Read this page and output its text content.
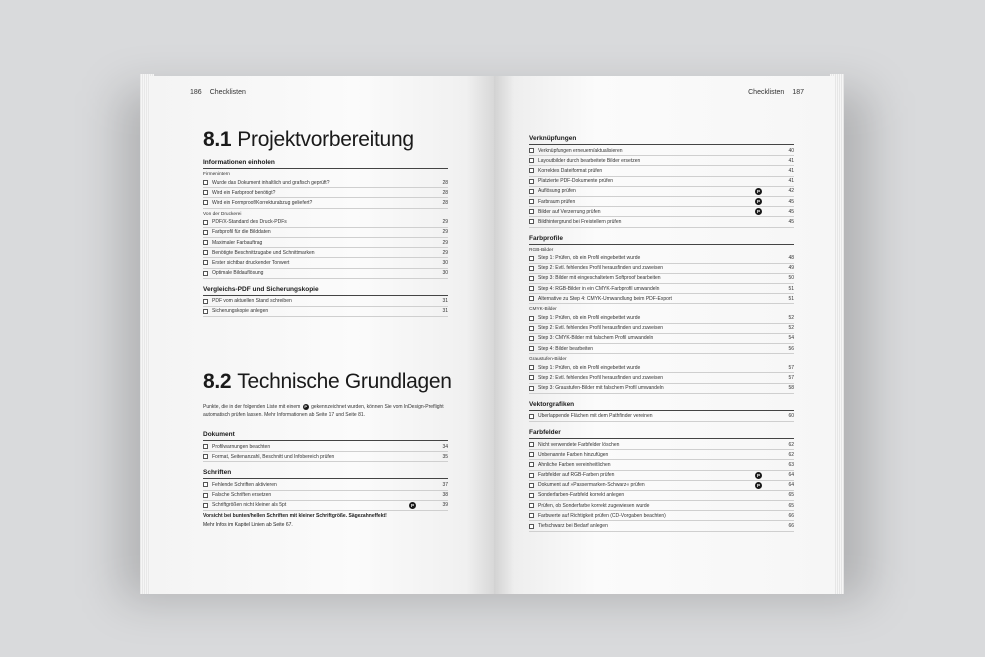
186 Checklisten
8.1 Projektvorbereitung
Informationen einholen
Firmenintern
Wurde das Dokument inhaltlich und grafisch geprüft?	28
Wird ein Farbproof benötigt?	28
Wird ein Formproof/Korrekturabzug geliefert?	28
Von der Druckerei
PDF/X-Standard des Druck-PDFs	29
Farbprofil für die Bilddaten	29
Maximaler Farbauftrag	29
Benötigte Beschnittzugabe und Schnittmarken	29
Erster sichtbar druckender Tonwert	30
Optimale Bildauflösung	30
Vergleichs-PDF und Sicherungskopie
PDF vom aktuellen Stand schreiben	31
Sicherungskopie anlegen	31
8.2 Technische Grundlagen
Punkte, die in der folgenden Liste mit einem P gekennzeichnet wurden, können Sie vom InDesign-Preflight automatisch prüfen lassen. Mehr Informationen ab Seite 17 und Seite 81.
Dokument
Profilwarnungen beachten	34
Format, Seitenanzahl, Beschnitt und Infobereich prüfen	35
Schriften
Fehlende Schriften aktivieren	37
Falsche Schriften ersetzen	38
Schriftgrößen nicht kleiner als 5pt	P	39
Vorsicht bei bunten/hellen Schriften mit kleiner Schriftgröße. Sägezahneffekt!
Mehr Infos im Kapitel Linien ab Seite 67.
Checklisten 187
Verknüpfungen
Verknüpfungen erneuern/aktualisieren	40
Layoutbilder durch bearbeitete Bilder ersetzen	41
Korrektes Dateiformat prüfen	41
Platzierte PDF-Dokumente prüfen	41
Auflösung prüfen	P	42
Farbraum prüfen	P	45
Bilder auf Verzerrung prüfen	P	45
Bildhintergrund bei Freistellern prüfen	45
Farbprofile
RGB-Bilder
Step 1: Prüfen, ob ein Profil eingebettet wurde	48
Step 2: Evtl. fehlendes Profil herausfinden und zuweisen	49
Step 3: Bilder mit eingeschaltetem Softproof bearbeiten	50
Step 4: RGB-Bilder in ein CMYK-Farbprofil umwandeln	51
Alternative zu Step 4: CMYK-Umwandlung beim PDF-Export	51
CMYK-Bilder
Step 1: Prüfen, ob ein Profil eingebettet wurde	52
Step 2: Evtl. fehlendes Profil herausfinden und zuweisen	52
Step 3: CMYK-Bilder mit falschem Profil umwandeln	54
Step 4: Bilder bearbeiten	56
Graustufen-Bilder
Step 1: Prüfen, ob ein Profil eingebettet wurde	57
Step 2: Evtl. fehlendes Profil herausfinden und zuweisen	57
Step 3: Graustufen-Bilder mit falschem Profil umwandeln	58
Vektorgrafiken
Überlappende Flächen mit dem Pathfinder vereinen	60
Farbfelder
Nicht verwendete Farbfelder löschen	62
Unbenannte Farben hinzufügen	62
Ähnliche Farben vereinheitlichen	63
Farbfelder auf RGB-Farben prüfen	P	64
Dokument auf »Passermarken-Schwarz« prüfen	P	64
Sonderfarben-Farbfeld korrekt anlegen	65
Prüfen, ob Sonderfarbe korrekt zugewiesen wurde	65
Farbwerte auf Richtigkeit prüfen (CD-Vorgaben beachten)	66
Tiefschwarz bei Bedarf anlegen	66
